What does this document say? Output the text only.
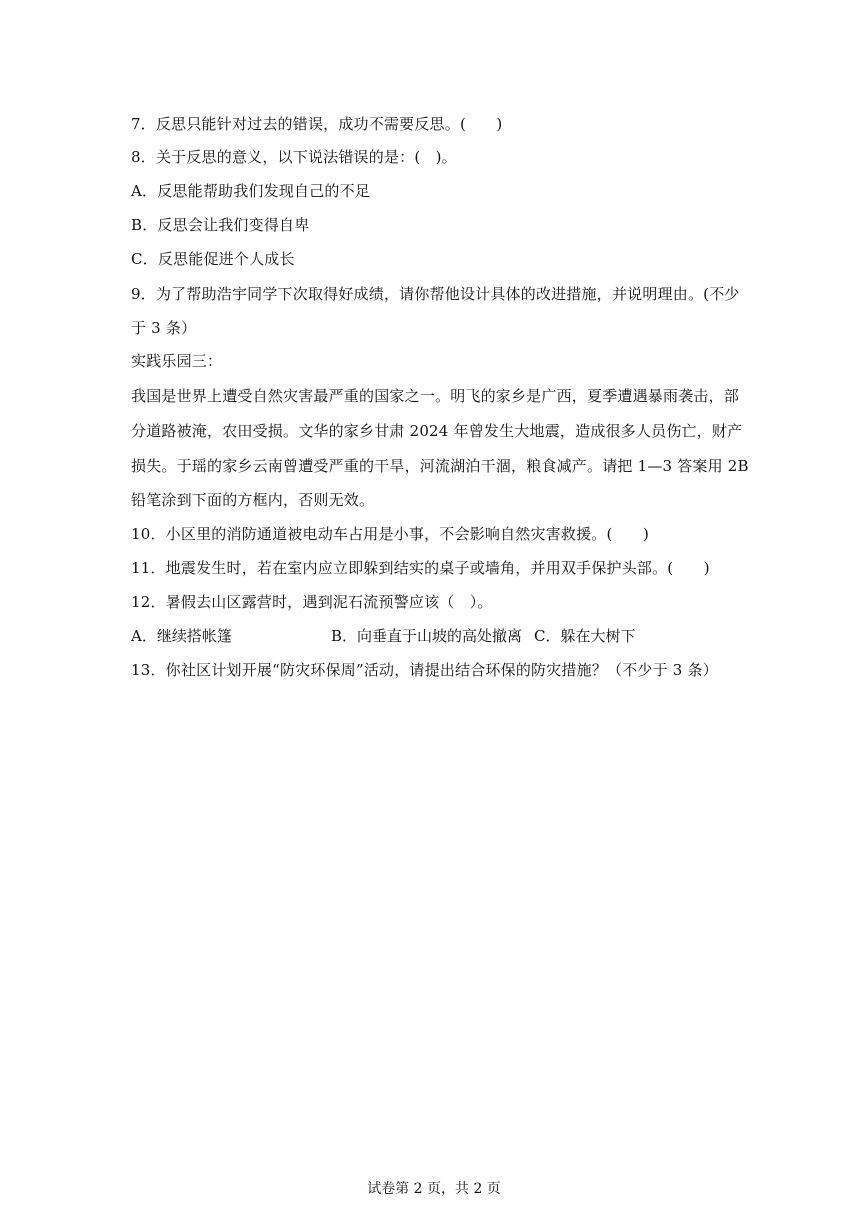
7．反思只能针对过去的错误，成功不需要反思。(　　)
8．关于反思的意义，以下说法错误的是：(　)。
A．反思能帮助我们发现自己的不足
B．反思会让我们变得自卑
C．反思能促进个人成长
9．为了帮助浩宇同学下次取得好成绩，请你帮他设计具体的改进措施，并说明理由。(不少
于 3 条）
实践乐园三：
我国是世界上遭受自然灾害最严重的国家之一。明飞的家乡是广西，夏季遭遇暴雨袭击，部
分道路被淹，农田受损。文华的家乡甘肃 2024 年曾发生大地震，造成很多人员伤亡，财产
损失。于瑶的家乡云南曾遭受严重的干旱，河流湖泊干涸，粮食减产。请把 1—3 答案用 2B
铅笔涂到下面的方框内，否则无效。
10．小区里的消防通道被电动车占用是小事，不会影响自然灾害救援。(　　)
11．地震发生时，若在室内应立即躲到结实的桌子或墙角，并用双手保护头部。(　　)
12．暑假去山区露营时，遇到泥石流预警应该（　）。
A．继续搭帐篷	B．向垂直于山坡的高处撤离 C．躲在大树下
13．你社区计划开展“防灾环保周”活动，请提出结合环保的防灾措施？（不少于 3 条）
试卷第 2 页，共 2 页
